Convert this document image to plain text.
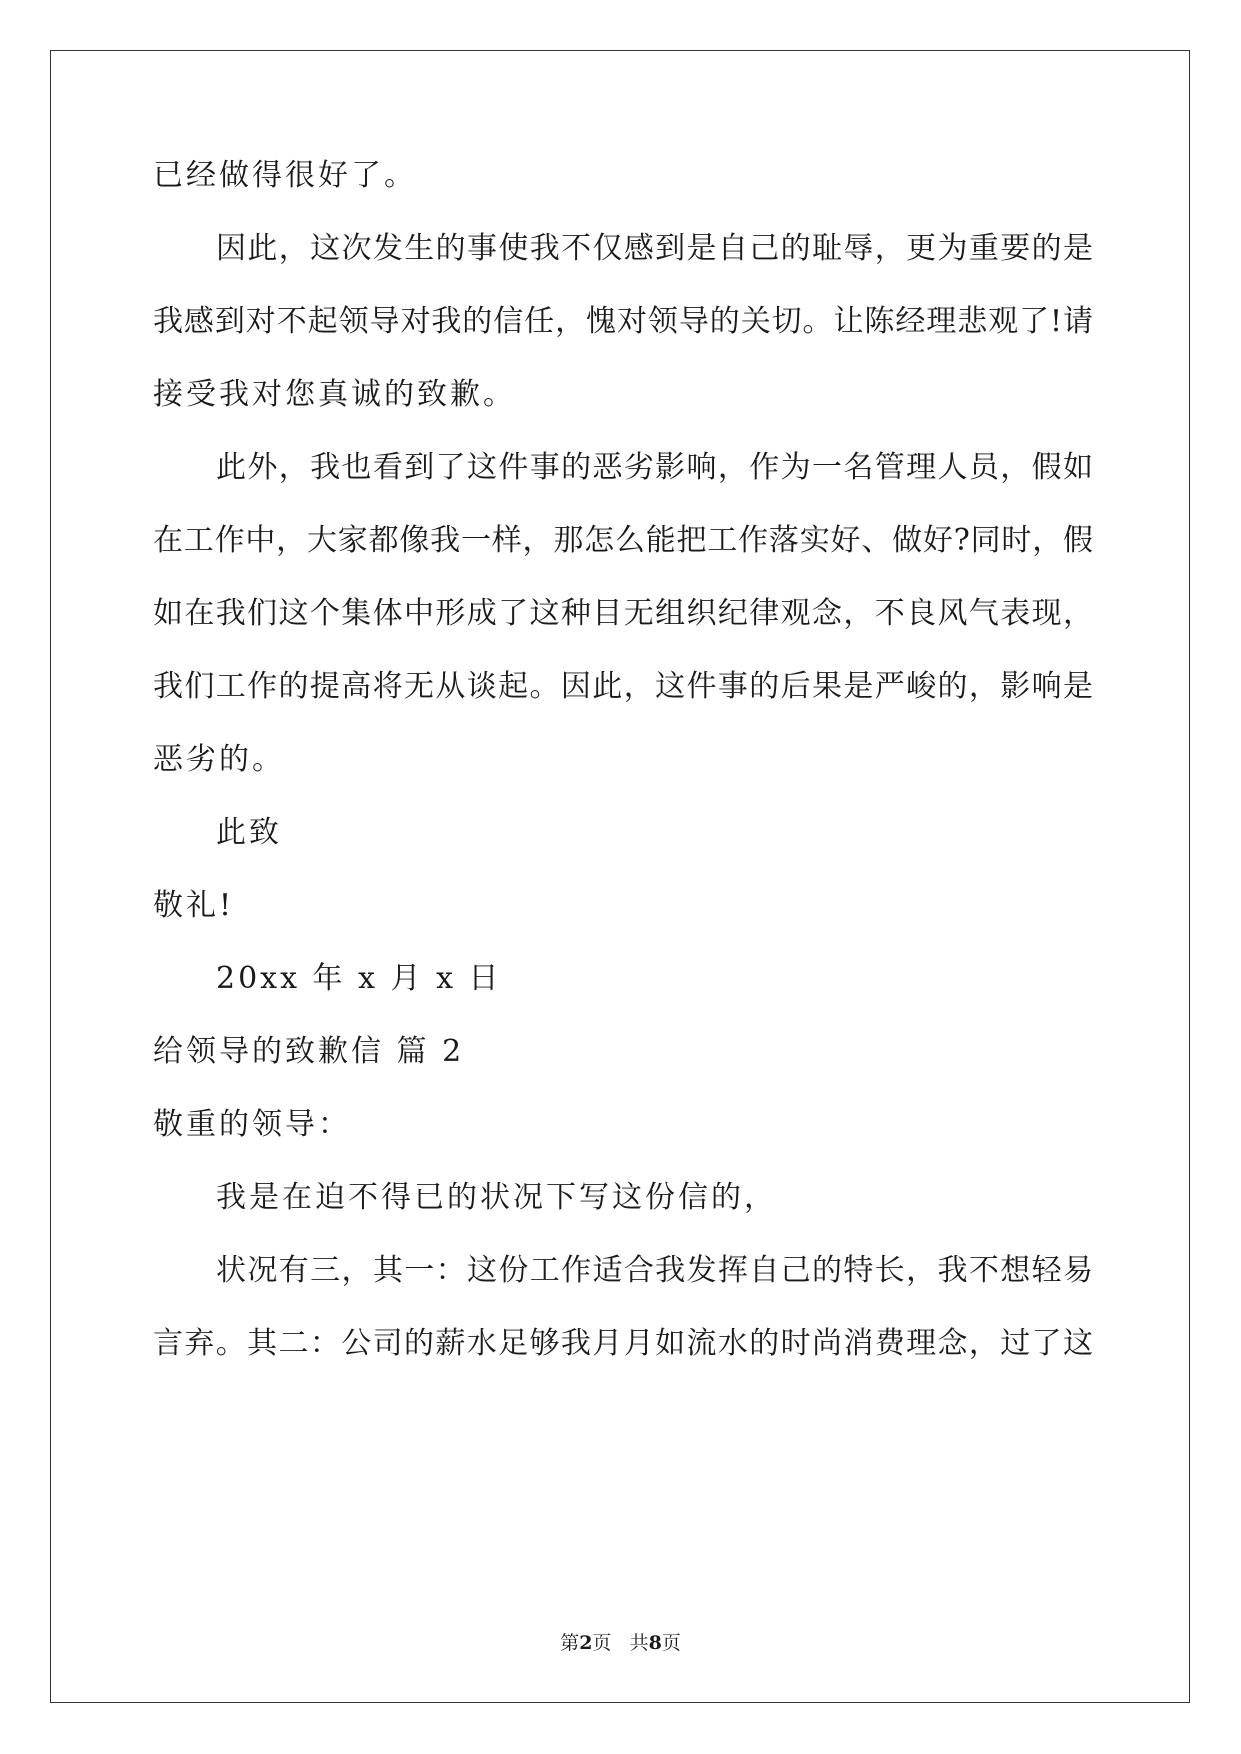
已经做得很好了。
因此，这次发生的事使我不仅感到是自己的耻辱，更为重要的是
我感到对不起领导对我的信任，愧对领导的关切。让陈经理悲观了!请
接受我对您真诚的致歉。
此外，我也看到了这件事的恶劣影响，作为一名管理人员，假如
在工作中，大家都像我一样，那怎么能把工作落实好、做好?同时，假
如在我们这个集体中形成了这种目无组织纪律观念，不良风气表现，
我们工作的提高将无从谈起。因此，这件事的后果是严峻的，影响是
恶劣的。
此致
敬礼!
20xx 年 x 月 x 日
给领导的致歉信 篇 2
敬重的领导：
我是在迫不得已的状况下写这份信的，
状况有三，其一：这份工作适合我发挥自己的特长，我不想轻易
言弃。其二：公司的薪水足够我月月如流水的时尚消费理念，过了这
第2页 共8页
